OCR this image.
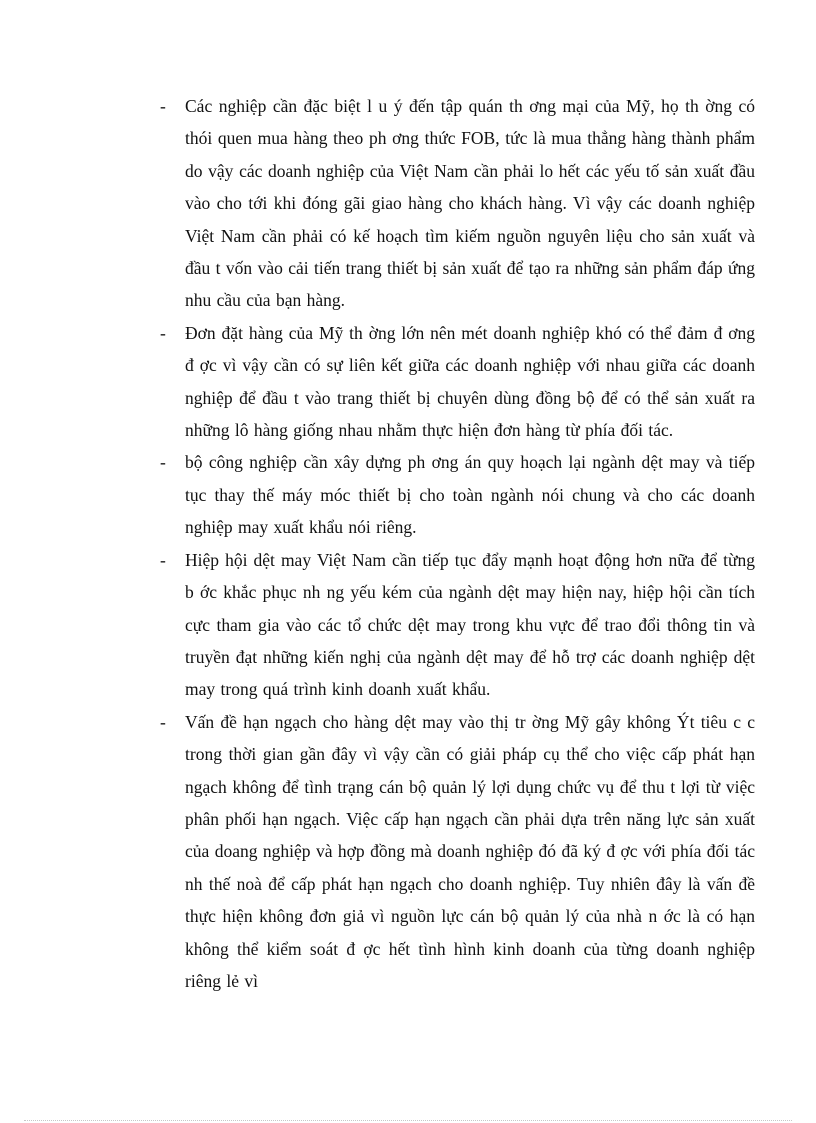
- Các nghiệp cần đặc biệt l u ý đến tập quán th ơng mại của Mỹ, họ th ờng có thói quen mua hàng theo ph ơng thức FOB, tức là mua thẳng hàng thành phẩm do vậy các doanh nghiệp của Việt Nam cần phải lo hết các yếu tố sản xuất đầu vào cho tới khi đóng gãi giao hàng cho khách hàng. Vì vậy các doanh nghiệp Việt Nam cần phải có kế hoạch tìm kiếm nguồn nguyên liệu cho sản xuất và đầu t vốn vào cải tiến trang thiết bị sản xuất để tạo ra những sản phẩm đáp ứng nhu cầu của bạn hàng.
- Đơn đặt hàng của Mỹ th ờng lớn nên mét doanh nghiệp khó có thể đảm đ ơng đ ợc vì vậy cần có sự liên kết giữa các doanh nghiệp với nhau giữa các doanh nghiệp để đầu t vào trang thiết bị chuyên dùng đồng bộ để có thể sản xuất ra những lô hàng giống nhau nhằm thực hiện đơn hàng từ phía đối tác.
- bộ công nghiệp cần xây dựng ph ơng án quy hoạch lại ngành dệt may và tiếp tục thay thế máy móc thiết bị cho toàn ngành nói chung và cho các doanh nghiệp may xuất khẩu nói riêng.
- Hiệp hội dệt may Việt Nam cần tiếp tục đẩy mạnh hoạt động hơn nữa để từng b ớc khắc phục nh ng yếu kém của ngành dệt may hiện nay, hiệp hội cần tích cực tham gia vào các tổ chức dệt may trong khu vực để trao đổi thông tin và truyền đạt những kiến nghị của ngành dệt may để hỗ trợ các doanh nghiệp dệt may trong quá trình kinh doanh xuất khẩu.
- Vấn đề hạn ngạch cho hàng dệt may vào thị tr ờng Mỹ gây không Ýt tiêu c c trong thời gian gần đây vì vậy cần có giải pháp cụ thể cho việc cấp phát hạn ngạch không để tình trạng cán bộ quản lý lợi dụng chức vụ để thu t lợi từ việc phân phối hạn ngạch. Việc cấp hạn ngạch cần phải dựa trên năng lực sản xuất của doang nghiệp và hợp đồng mà doanh nghiệp đó đã ký đ ợc với phía đối tác nh thế noà để cấp phát hạn ngạch cho doanh nghiệp. Tuy nhiên đây là vấn đề thực hiện không đơn giả vì nguồn lực cán bộ quản lý của nhà n ớc là có hạn không thể kiểm soát đ ợc hết tình hình kinh doanh của từng doanh nghiệp riêng lẻ vì
